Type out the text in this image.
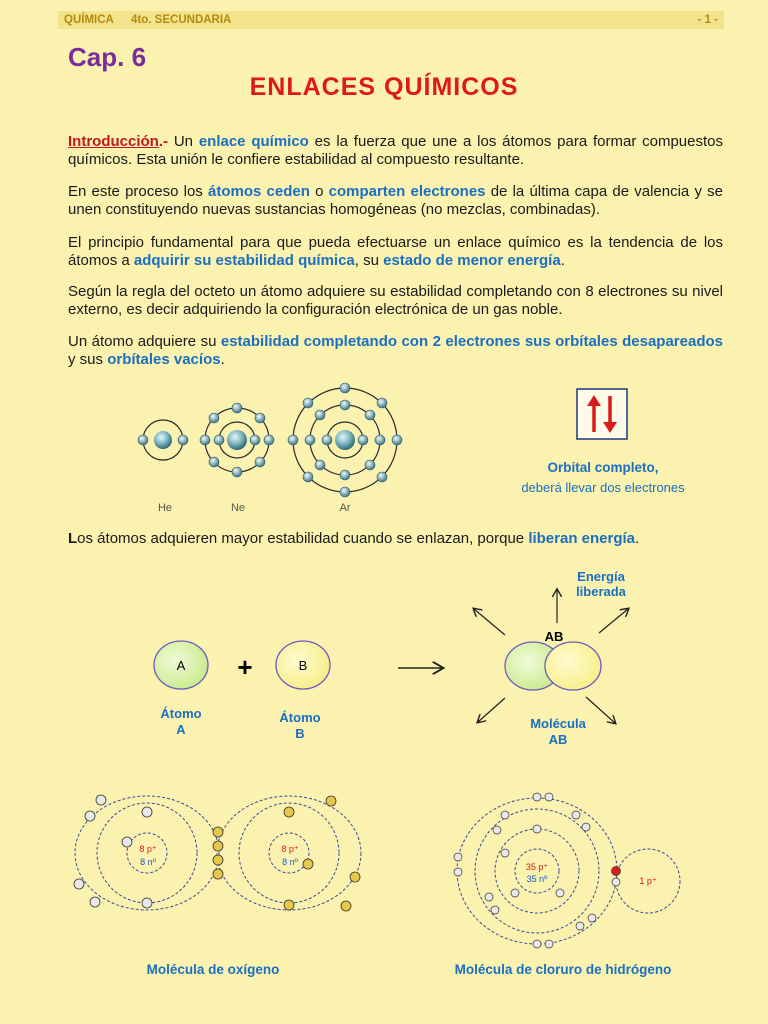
QUÍMICA 4to. SECUNDARIA	- 1 -
Cap. 6
ENLACES QUÍMICOS

Introducción.- Un enlace químico es la fuerza que une a los átomos para formar compuestos químicos. Esta unión le confiere estabilidad al compuesto resultante.

En este proceso los átomos ceden o comparten electrones de la última capa de valencia y se unen constituyendo nuevas sustancias homogéneas (no mezclas, combinadas).

El principio fundamental para que pueda efectuarse un enlace químico es la tendencia de los átomos a adquirir su estabilidad química, su estado de menor energía.

Según la regla del octeto un átomo adquiere su estabilidad completando con 8 electrones su nivel externo, es decir adquiriendo la configuración electrónica de un gas noble.

Un átomo adquiere su estabilidad completando con 2 electrones sus orbítales desapareados y sus orbítales vacíos.

Los átomos adquieren mayor estabilidad cuando se enlazan, porque liberan energía.

He	Ne	Ar
Orbital completo,
deberá llevar dos electrones
A +	B
Átomo
A
Átomo
B
AB
Energía
liberada
Molécula
AB
8 p⁺
8 nº
8 p⁺
8 nº
Molécula de oxígeno
35 p⁺
35 nº	1 p⁺
Molécula de cloruro de hidrógeno
